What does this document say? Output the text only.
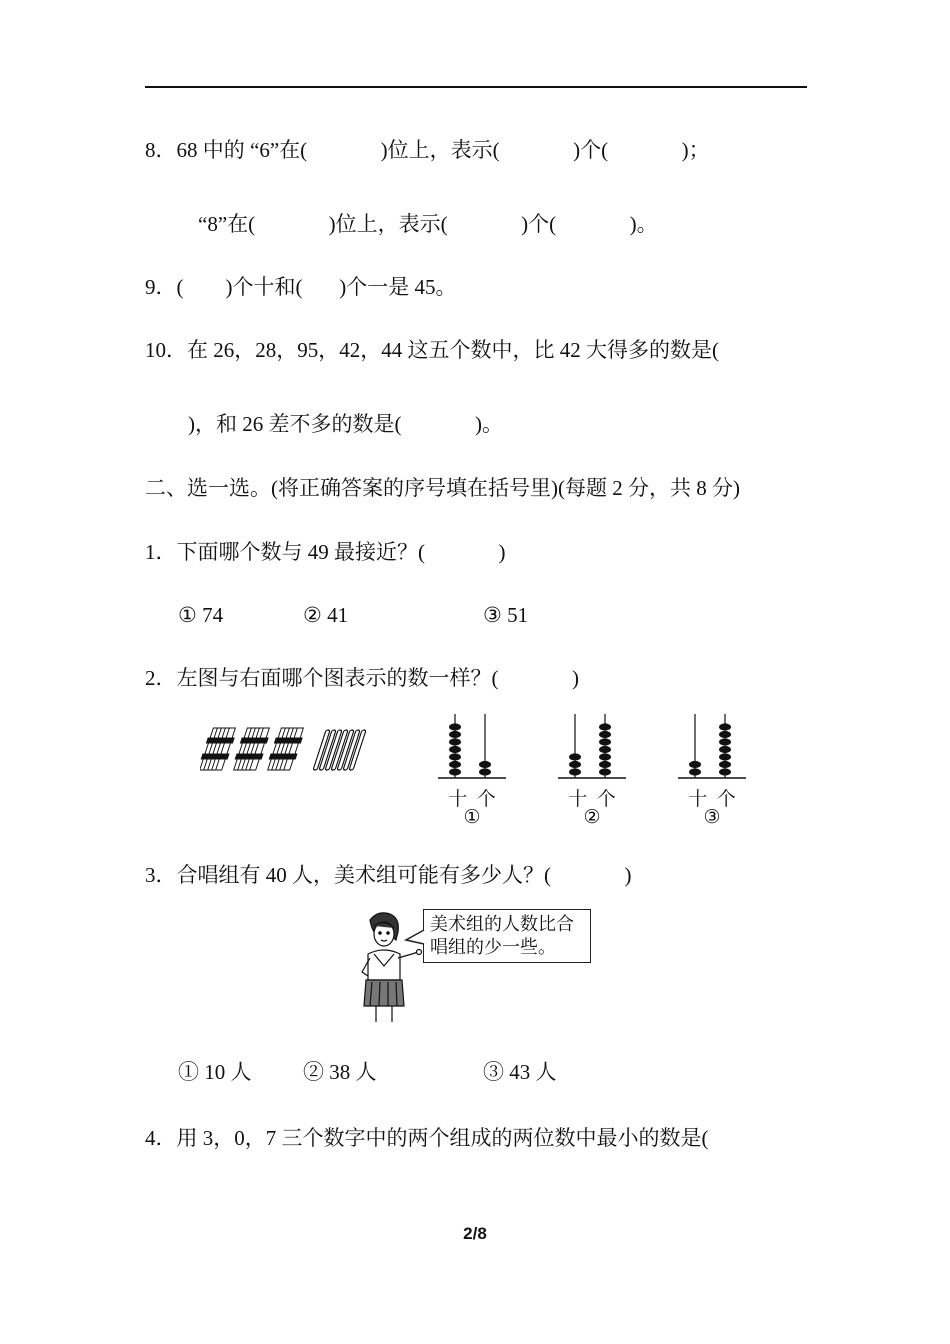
8．68 中的 “6”在(              )位上，表示(              )个(              )；
“8”在(              )位上，表示(              )个(              )。
9．(        )个十和(       )个一是 45。
10．在 26，28，95，42，44 这五个数中，比 42 大得多的数是(
)，和 26 差不多的数是(              )。
二、选一选。(将正确答案的序号填在括号里)(每题 2 分，共 8 分)
1．下面哪个数与 49 最接近？(              )
① 74	② 41	③ 51
2．左图与右面哪个图表示的数一样？(              )
十  个
①
十  个
②
十  个
③
3．合唱组有 40 人，美术组可能有多少人？(              )
美术组的人数比合唱组的少一些。
① 10 人 ② 38 人	③ 43 人
4．用 3，0，7 三个数字中的两个组成的两位数中最小的数是(
2/8
